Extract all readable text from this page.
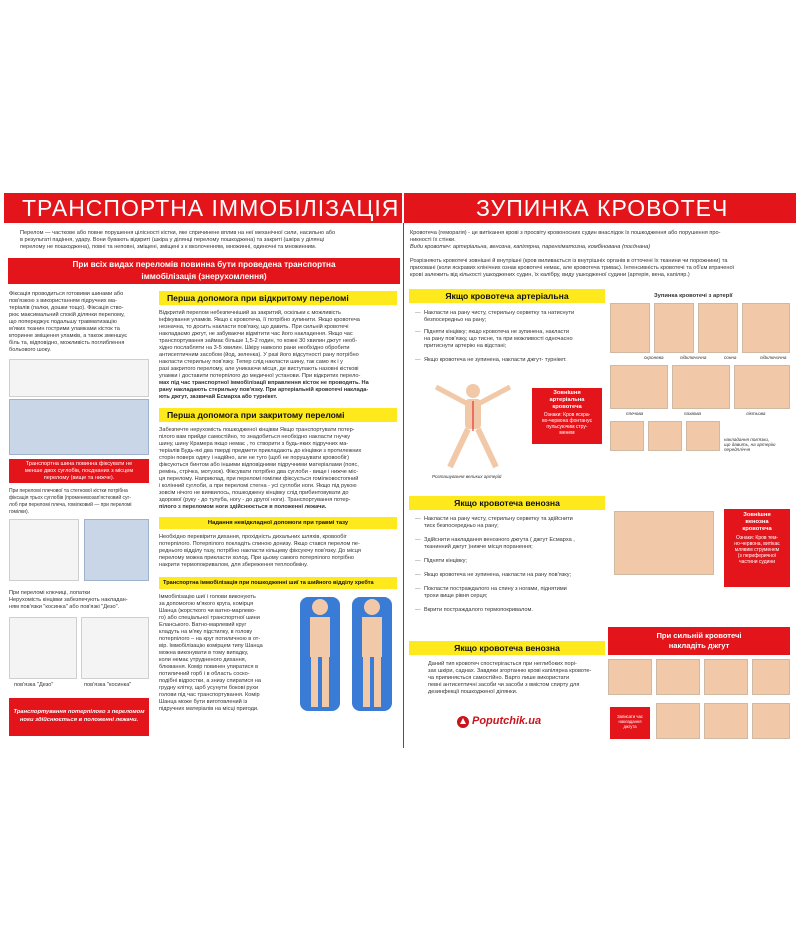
ТРАНСПОРТНА ІММОБІЛІЗАЦІЯ	ЗУПИНКА КРОВОТЕЧ
Перелом — часткове або повне порушення цілісності кістки, яке спричинене вплив на неї механічної сили, насильно або
в результаті падіння, удару. Вони бувають відкриті (шкіра у ділянці перелому пошкоджена) та закриті (шкіра у ділянці
перелому не пошкоджена), повні та неповні, зміщені, зміщені з к вколоченням, множинні, одиночні та множинним.
При всіх видах переломів повинна бути проведена транспортна
іммобілізація (знерухомлення)
Фіксація проводиться готовими шинами або
пов'язкою з використанням підручних ма-
теріалів (палки, дошки тощо). Фіксація ство-
рює максимальний спокій ділянки перелому,
що попереджує подальшу травматизацію
м'яких тканин гострими уламками кісток та
вторинне зміщення уламків, а також зменшує
біль та, відповідно, можливість поглиблення
больового шоку.
Транспортна шина повинна фіксувати не
менше двох суглобів, поєднаних з місцем
перелому (вище та нижче).
При переломі плечової та стегнової кістки потрібна
фіксація трьох суглобів (променевозап'ястковий суг-
лоб при переломі плеча, гомілковий — при переломі
гомілки).
При переломі ключиці, лопатки
Нерухомість кінцівки забезпечують накладан-
ням пов'язки "косинка" або пов'язкі "Дезо".
пов'язка "Дезо"	пов'язка "косинка"
Транспортування потерпілого з переломом
ноги здійснюється в положенні лежачи.
Перша допомога при відкритому переломі
Відкритий перелом небезпечніший за закритий, оскільки є можливість
інфікування уламків. Якщо є кровотеча, її потрібно зупинити. Якщо кровотеча
незначна, то досить накласти пов'язку, що давить. При сильній кровотечі
накладаємо джгут, не забуваючи відмітити час його накладення. Якщо час
транспортування займає більше 1,5-2 годин, то кожні 30 хвилин джгут необ-
хідно послабляти на 3-5 хвилин. Шкіру навколо рани необхідно обробити
антисептичним засобом (йод, зеленка). У разі його відсутності рану потрібно
накласти стерильну пов'язку. Тепер слід накласти шину, так само як і у
разі закритого перелому, але уникаючи місця, де виступають назовні кісткові
уламки і доставити потерпілого до медичної установи. При відкритих перело-
мах під час транспортної іммобілізації вправлення кісток не проводять. На
рану накладають стерильну пов'язку. При артеріальній кровотечі наклада-
ють джгут, зазвичай Есмарха або турнікет.
Перша допомога при закритому переломі
Забезпечте нерухомість пошкодженої кінцівки Якщо транспортувати потер-
пілого вам прийде самостійно, то знадобиться необхідно накласти гнучку
шину, шину Крамера якщо немає , то створити з будь-яких підручних ма-
теріалів Будь-які два твердi предмети прикладають до кінцівки з протилежних
сторін поверх одягу і надійно, але не туго (щоб не порушувати кровообіг)
фіксуються бинтом або іншими відповідними підручними матеріалами (пояс,
ремінь, стрічка, мотузок). Фіксувати потрібно два суглоби - вище і нижче міс-
ця перелому. Наприклад, при переломі гомілки фіксується гомілковостопний
і колінний суглоби, а при переломі стегна - усі суглоби ноги. Якщо під рукою
зовсім нічого не виявилось, пошкоджену кінцівку слід прибинтовувати до
здорової (руку - до тулуба, ногу - до другої ноги). Транспортування потер-
пілого з переломом ноги здійснюється в положенні лежачи.
Надання невідкладної допомоги при травмі тазу
Необхідно перевірити дихання, прохідність дихальних шляхів, кровообіг
потерпілого. Потерпілого покладіть спиною донизу. Якщо стався перелом пе-
реднього відділу тазу, потрібно накласти кільцеву фіксуючу пов'язку. До місця
перелому можна прикласти холод. При цьому самого потерпілого потрібно
накрити термопокривалом, для збереження теплообміну.
Транспортна іммобілізація при пошкодженні шиї та шийного відділу хребта
Іммобілізацію шиї і голови виконують
за допомогою м'якого круга, комірця
Шанца (жорсткого чи ватно-марлево-
го) або спеціальної транспортної шини
Еланського. Ватно-марлевий круг
кладуть на м'яку підстилку, в голову
потерпілого – на круг потиличною в от-
вір. Іммобілізацію комірцем типу Шанца
можна виконувати в тому випадку,
коли немає утрудненого дихання,
блювання. Комір повинен упиратися в
потиличний горб і в область соско-
подібні відростки, а знизу спиратися на
грудну клітку, щоб усунути бокові рухи
голови під час транспортування. Комір
Шанца може бути виготовлений із
підручних матеріалів на місці пригоди.
Кровотеча (геморагія) - це витікання крові з просвіту кровоносних судин внаслідок їх пошкодження або порушення про-
никності їх стінки.
Види кровотеч: артеріальна, венозна, капілярна, паренхіматозна, комбінована (поєднана)
Розрізняють кровотечі зовнішні й внутрішні (кров виливається із внутрішніх органів в отточені їх тканини чи порожнини) та
приховані (коли яскравих клінічних ознак кровотечі немає, але кровотеча триває). Інтенсивність кровотечі та об'єм втраченої
крові залежить від кількості ушкоджених судин, їх калібру, виду ушкодженої судини (артерія, вена, капіляр.)
Якщо кровотеча артеріальна	Зупинка кровотечі з артерії
— Накласти на рану чисту, стерильну серветку та натиснути
безпосередньо на рану;
— Підняти кінцівку; якщо кровотеча не зупинена, накласти
на рану пов'язку, що тисне, та при можливості одночасно
притиснути артерію на відстані;
— Якщо кровотеча не зупинена, накласти джгут- турнікет.
Розташування великих артерій
Зовнішня
артеріальна
кровотеча
Ознаки: Кров яскра-
во-червона фонтанує
пульсуючим стру-
менем
скронева	підключична	сонна	підключична
плечова	пахвова	ліктьова
накладання пов'язки,
що давить, на артерію
передпліччя
Якщо кровотеча венозна
— Накласти на рану чисту, стерильну серветку та здійснити
тиск безпосередньо на рану;
— Здійснити накладання венозного джгута ( джгут Есмарха ,
тканинний джгут )нижче місця поранення;
— Підняти кінцівку;
— Якщо кровотеча не зупинена, накласти на рану пов'язку;
— Покласти постраждалого на спину з ногами, піднятими
трохи вище рівня серця;
— Вкрити постраждалого термопокривалом.
Зовнішня
венозна
кровотеча
Ознаки: Кров тем-
но-червона, витікає
млявим струменем
(з периферичної
частини судини
При сильній кровотечі
накладіть джгут
Записати час
накладання
джгута
Якщо кровотеча венозна
Даний тип кровотеч спостерігається при неглибоких порі-
зах шкіри, саднах. Завдяки згортанню крові капілярна кровоте-
ча припиняється самостійно. Варто лише використати
певні антисептичні засоби чи засоби з вмістом спирту для
дезинфекції пошкодженої ділянки.
Poputchik.ua
